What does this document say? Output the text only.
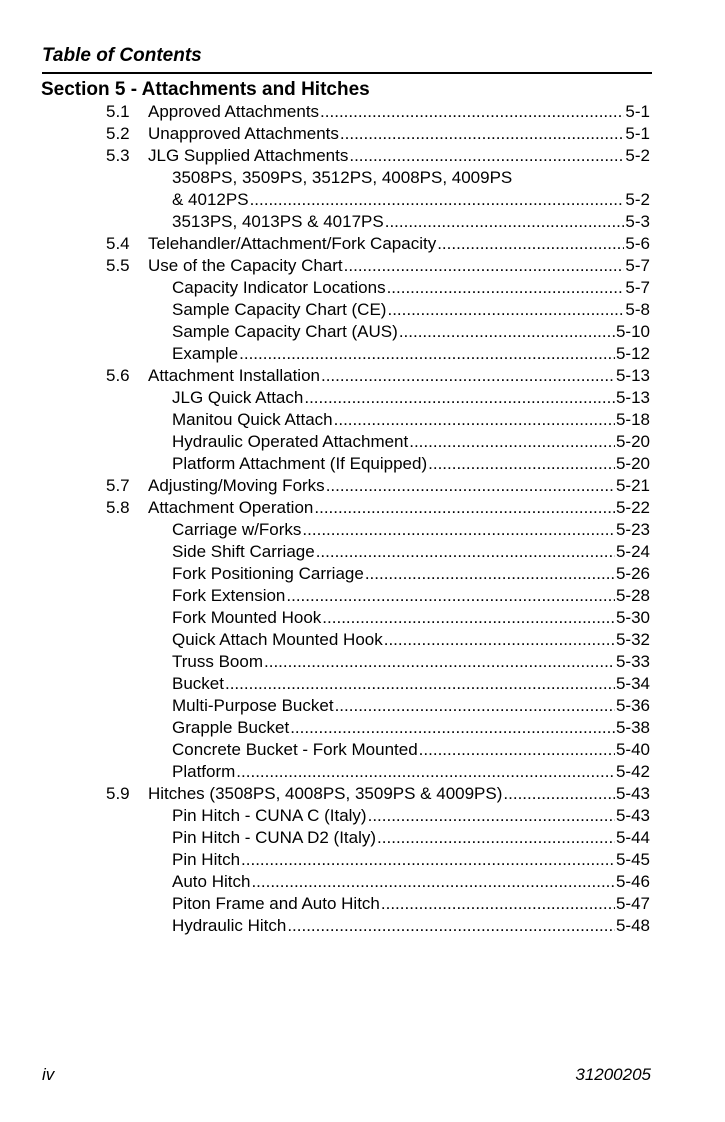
Table of Contents
Section 5 - Attachments and Hitches
5.1 Approved Attachments .....	5-1
5.2 Unapproved Attachments .....	5-1
5.3 JLG Supplied Attachments .....	5-2
3508PS, 3509PS, 3512PS, 4008PS, 4009PS
& 4012PS .....	5-2
3513PS, 4013PS & 4017PS .....	5-3
5.4 Telehandler/Attachment/Fork Capacity .....	5-6
5.5 Use of the Capacity Chart .....	5-7
Capacity Indicator Locations .....	5-7
Sample Capacity Chart (CE) .....	5-8
Sample Capacity Chart (AUS) .....	5-10
Example .....	5-12
5.6 Attachment Installation .....	5-13
JLG Quick Attach .....	5-13
Manitou Quick Attach .....	5-18
Hydraulic Operated Attachment .....	5-20
Platform Attachment (If Equipped) .....	5-20
5.7 Adjusting/Moving Forks .....	5-21
5.8 Attachment Operation .....	5-22
Carriage w/Forks .....	5-23
Side Shift Carriage .....	5-24
Fork Positioning Carriage .....	5-26
Fork Extension .....	5-28
Fork Mounted Hook .....	5-30
Quick Attach Mounted Hook .....	5-32
Truss Boom .....	5-33
Bucket .....	5-34
Multi-Purpose Bucket .....	5-36
Grapple Bucket .....	5-38
Concrete Bucket - Fork Mounted .....	5-40
Platform .....	5-42
5.9 Hitches (3508PS, 4008PS, 3509PS & 4009PS) .....	5-43
Pin Hitch - CUNA C (Italy) .....	5-43
Pin Hitch - CUNA D2 (Italy) .....	5-44
Pin Hitch .....	5-45
Auto Hitch .....	5-46
Piton Frame and Auto Hitch .....	5-47
Hydraulic Hitch .....	5-48
iv	31200205
